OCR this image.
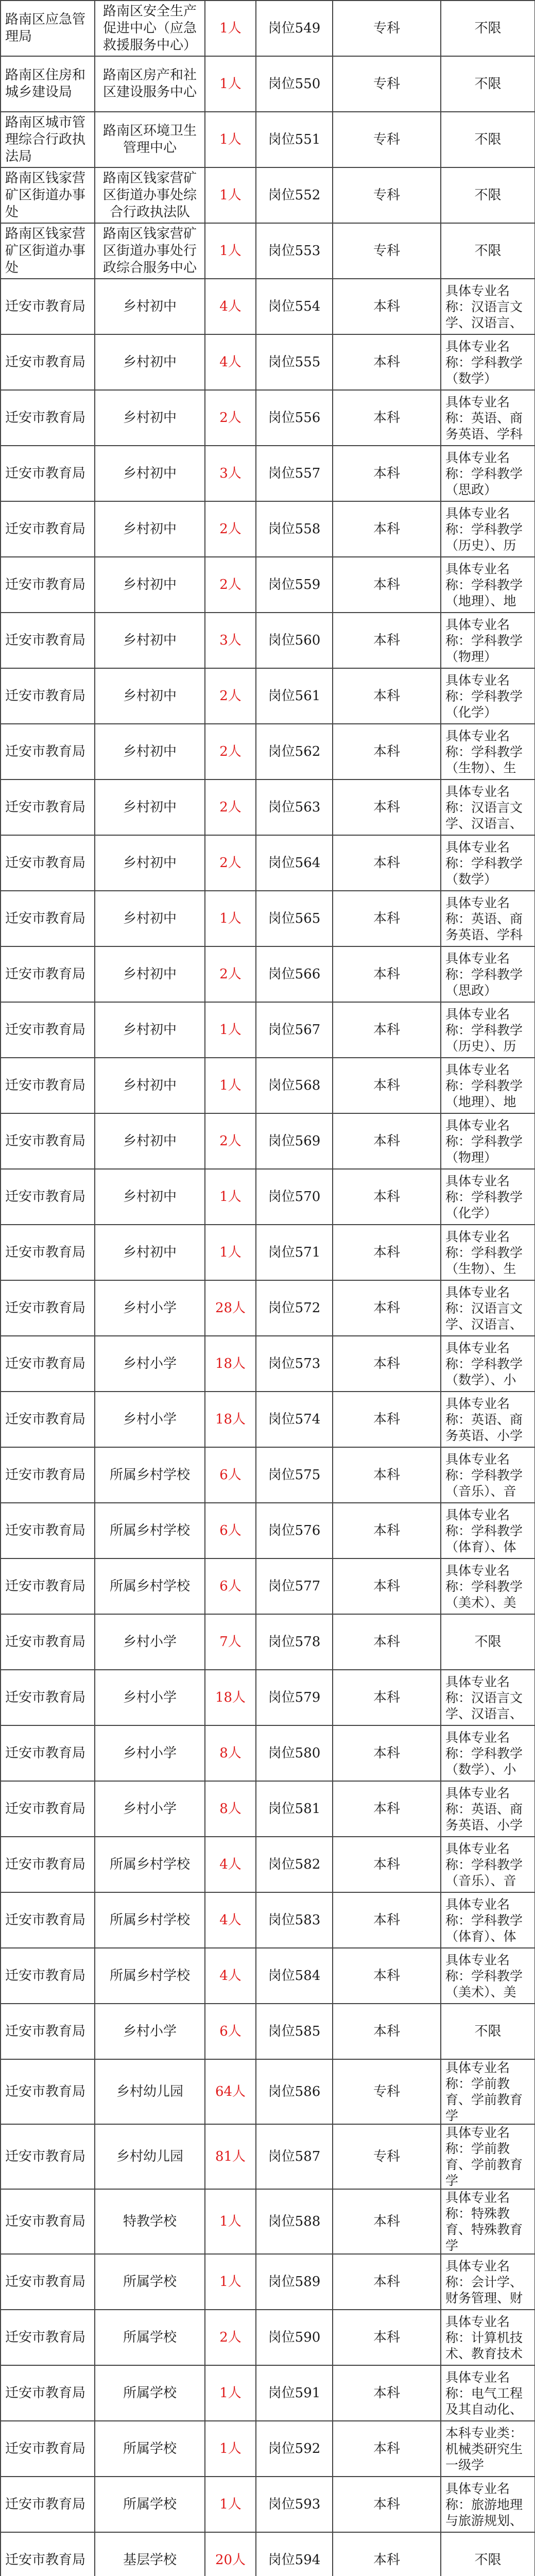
路南区应急管理局	路南区安全生产促进中心（应急救援服务中心）	1人	岗位549	专科	不限

路南区住房和城乡建设局	路南区房产和社区建设服务中心	1人	岗位550	专科	不限

路南区城市管理综合行政执法局	路南区环境卫生管理中心	1人	岗位551	专科	不限

路南区钱家营矿区街道办事处	路南区钱家营矿区街道办事处综合行政执法队	1人	岗位552	专科	不限

路南区钱家营矿区街道办事处	路南区钱家营矿区街道办事处行政综合服务中心	1人	岗位553	专科	不限

迁安市教育局	乡村初中	4人	岗位554	本科	具体专业名称：汉语言文学、汉语言、

迁安市教育局	乡村初中	4人	岗位555	本科	具体专业名称：学科教学（数学）

迁安市教育局	乡村初中	2人	岗位556	本科	具体专业名称：英语、商务英语、学科

迁安市教育局	乡村初中	3人	岗位557	本科	具体专业名称：学科教学（思政）

迁安市教育局	乡村初中	2人	岗位558	本科	具体专业名称：学科教学（历史）、历

迁安市教育局	乡村初中	2人	岗位559	本科	具体专业名称：学科教学（地理）、地

迁安市教育局	乡村初中	3人	岗位560	本科	具体专业名称：学科教学（物理）

迁安市教育局	乡村初中	2人	岗位561	本科	具体专业名称：学科教学（化学）

迁安市教育局	乡村初中	2人	岗位562	本科	具体专业名称：学科教学（生物）、生

迁安市教育局	乡村初中	2人	岗位563	本科	具体专业名称：汉语言文学、汉语言、

迁安市教育局	乡村初中	2人	岗位564	本科	具体专业名称：学科教学（数学）

迁安市教育局	乡村初中	1人	岗位565	本科	具体专业名称：英语、商务英语、学科

迁安市教育局	乡村初中	2人	岗位566	本科	具体专业名称：学科教学（思政）

迁安市教育局	乡村初中	1人	岗位567	本科	具体专业名称：学科教学（历史）、历

迁安市教育局	乡村初中	1人	岗位568	本科	具体专业名称：学科教学（地理）、地

迁安市教育局	乡村初中	2人	岗位569	本科	具体专业名称：学科教学（物理）

迁安市教育局	乡村初中	1人	岗位570	本科	具体专业名称：学科教学（化学）

迁安市教育局	乡村初中	1人	岗位571	本科	具体专业名称：学科教学（生物）、生

迁安市教育局	乡村小学	28人	岗位572	本科	具体专业名称：汉语言文学、汉语言、

迁安市教育局	乡村小学	18人	岗位573	本科	具体专业名称：学科教学（数学）、小

迁安市教育局	乡村小学	18人	岗位574	本科	具体专业名称：英语、商务英语、小学

迁安市教育局	所属乡村学校	6人	岗位575	本科	具体专业名称：学科教学（音乐）、音

迁安市教育局	所属乡村学校	6人	岗位576	本科	具体专业名称：学科教学（体育）、体

迁安市教育局	所属乡村学校	6人	岗位577	本科	具体专业名称：学科教学（美术）、美

迁安市教育局	乡村小学	7人	岗位578	本科	不限

迁安市教育局	乡村小学	18人	岗位579	本科	具体专业名称：汉语言文学、汉语言、

迁安市教育局	乡村小学	8人	岗位580	本科	具体专业名称：学科教学（数学）、小

迁安市教育局	乡村小学	8人	岗位581	本科	具体专业名称：英语、商务英语、小学

迁安市教育局	所属乡村学校	4人	岗位582	本科	具体专业名称：学科教学（音乐）、音

迁安市教育局	所属乡村学校	4人	岗位583	本科	具体专业名称：学科教学（体育）、体

迁安市教育局	所属乡村学校	4人	岗位584	本科	具体专业名称：学科教学（美术）、美

迁安市教育局	乡村小学	6人	岗位585	本科	不限

迁安市教育局	乡村幼儿园	64人	岗位586	专科	具体专业名称：学前教育、学前教育学

迁安市教育局	乡村幼儿园	81人	岗位587	专科	具体专业名称：学前教育、学前教育学

迁安市教育局	特教学校	1人	岗位588	本科	具体专业名称：特殊教育、特殊教育学

迁安市教育局	所属学校	1人	岗位589	本科	具体专业名称：会计学、财务管理、财

迁安市教育局	所属学校	2人	岗位590	本科	具体专业名称：计算机技术、教育技术

迁安市教育局	所属学校	1人	岗位591	本科	具体专业名称：电气工程及其自动化、

迁安市教育局	所属学校	1人	岗位592	本科	本科专业类：机械类研究生一级学

迁安市教育局	所属学校	1人	岗位593	本科	具体专业名称：旅游地理与旅游规划、

迁安市教育局	基层学校	20人	岗位594	本科	不限
